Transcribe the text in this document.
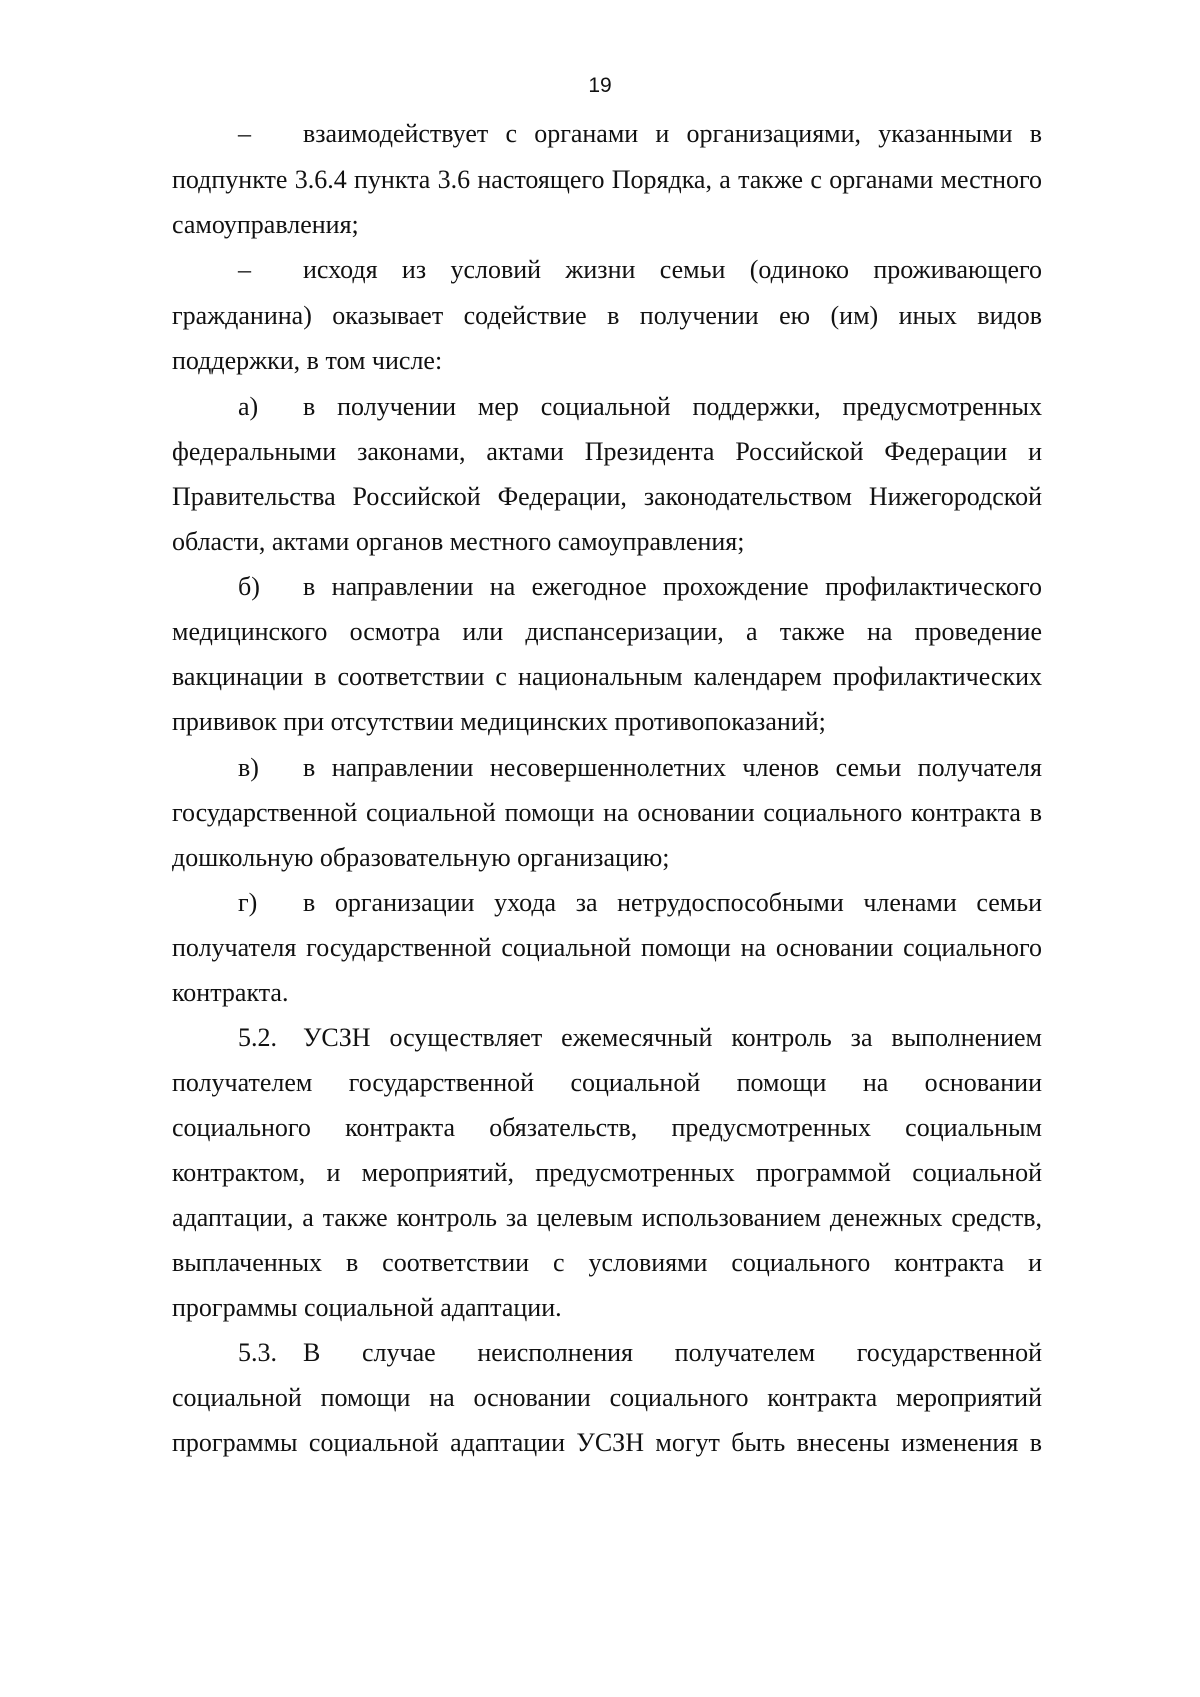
19
– взаимодействует с органами и организациями, указанными в
подпункте 3.6.4 пункта 3.6 настоящего Порядка, а также с органами местного
самоуправления;
– исходя из условий жизни семьи (одиноко проживающего
гражданина) оказывает содействие в получении ею (им) иных видов
поддержки, в том числе:
а) в получении мер социальной поддержки, предусмотренных
федеральными законами, актами Президента Российской Федерации и
Правительства Российской Федерации, законодательством Нижегородской
области, актами органов местного самоуправления;
б) в направлении на ежегодное прохождение профилактического
медицинского осмотра или диспансеризации, а также на проведение
вакцинации в соответствии с национальным календарем профилактических
прививок при отсутствии медицинских противопоказаний;
в) в направлении несовершеннолетних членов семьи получателя
государственной социальной помощи на основании социального контракта в
дошкольную образовательную организацию;
г) в организации ухода за нетрудоспособными членами семьи
получателя государственной социальной помощи на основании социального
контракта.
5.2. УСЗН осуществляет ежемесячный контроль за выполнением
получателем государственной социальной помощи на основании
социального контракта обязательств, предусмотренных социальным
контрактом, и мероприятий, предусмотренных программой социальной
адаптации, а также контроль за целевым использованием денежных средств,
выплаченных в соответствии с условиями социального контракта и
программы социальной адаптации.
5.3. В случае неисполнения получателем государственной
социальной помощи на основании социального контракта мероприятий
программы социальной адаптации УСЗН могут быть внесены изменения в
